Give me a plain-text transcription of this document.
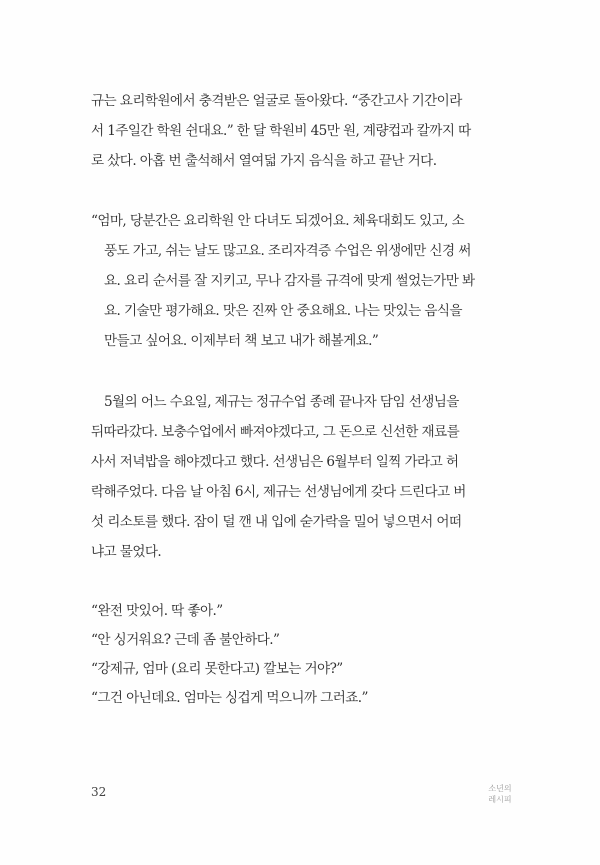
규는 요리학원에서 충격받은 얼굴로 돌아왔다. “중간고사 기간이라
서 1주일간 학원 쉰대요.” 한 달 학원비 45만 원, 계량컵과 칼까지 따
로 샀다. 아홉 번 출석해서 열여덟 가지 음식을 하고 끝난 거다.
“엄마, 당분간은 요리학원 안 다녀도 되겠어요. 체육대회도 있고, 소
풍도 가고, 쉬는 날도 많고요. 조리자격증 수업은 위생에만 신경 써
요. 요리 순서를 잘 지키고, 무나 감자를 규격에 맞게 썰었는가만 봐
요. 기술만 평가해요. 맛은 진짜 안 중요해요. 나는 맛있는 음식을
만들고 싶어요. 이제부터 책 보고 내가 해볼게요.”
5월의 어느 수요일, 제규는 정규수업 종례 끝나자 담임 선생님을
뒤따라갔다. 보충수업에서 빠져야겠다고, 그 돈으로 신선한 재료를
사서 저녁밥을 해야겠다고 했다. 선생님은 6월부터 일찍 가라고 허
락해주었다. 다음 날 아침 6시, 제규는 선생님에게 갖다 드린다고 버
섯 리소토를 했다. 잠이 덜 깬 내 입에 숟가락을 밀어 넣으면서 어떠
냐고 물었다.
“완전 맛있어. 딱 좋아.”
“안 싱거워요? 근데 좀 불안하다.”
“강제규, 엄마 (요리 못한다고) 깔보는 거야?”
“그건 아닌데요. 엄마는 싱겁게 먹으니까 그러죠.”
32	소년의
레시피
